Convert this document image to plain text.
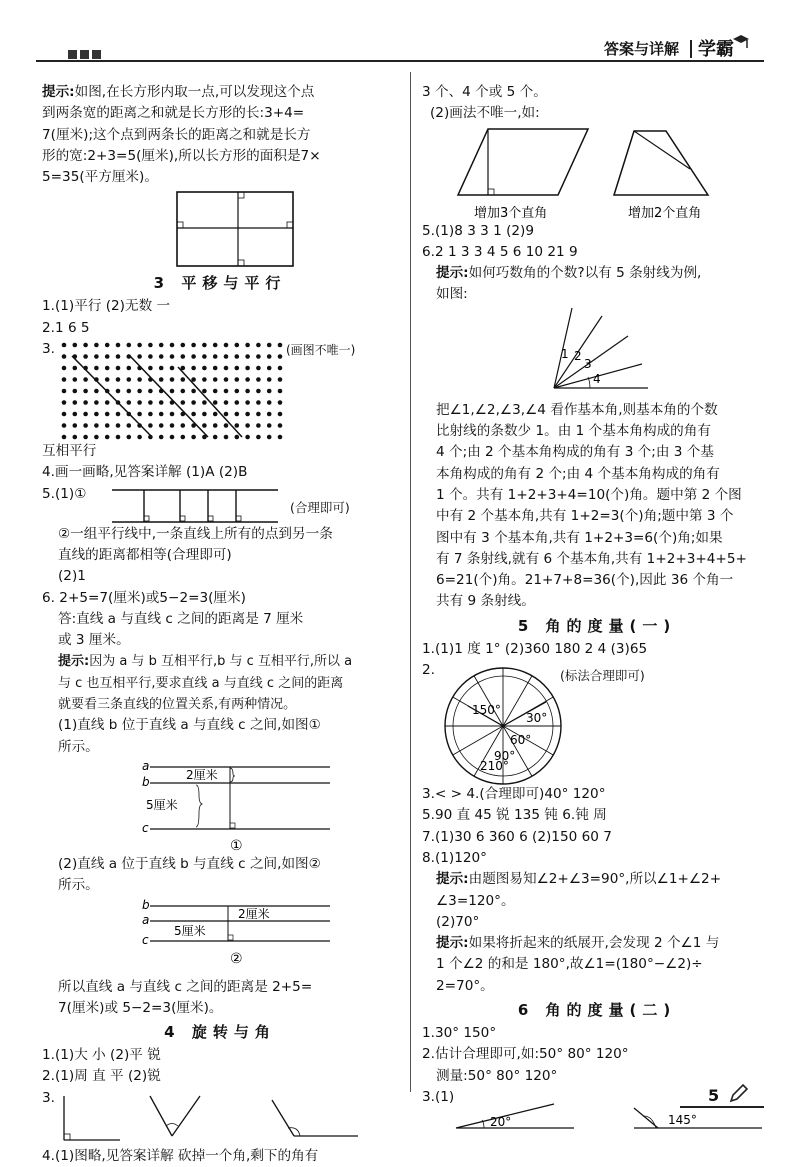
答案与详解 学霸
提示:如图,在长方形内取一点,可以发现这个点
到两条宽的距离之和就是长方形的长:3+4=
7(厘米);这个点到两条长的距离之和就是长方
形的宽:2+3=5(厘米),所以长方形的面积是7×
5=35(平方厘米)。
3 平移与平行
1.(1)平行 (2)无数 一
2.1 6 5
3.	(画图不唯一)
互相平行
4.画一画略,见答案详解 (1)A (2)B
5.(1)①
(合理即可)
②一组平行线中,一条直线上所有的点到另一条
直线的距离都相等(合理即可)
(2)1
6. 2+5=7(厘米)或5−2=3(厘米)
答:直线 a 与直线 c 之间的距离是 7 厘米
或 3 厘米。
提示:因为 a 与 b 互相平行,b 与 c 互相平行,所以 a
与 c 也互相平行,要求直线 a 与直线 c 之间的距离
就要看三条直线的位置关系,有两种情况。
(1)直线 b 位于直线 a 与直线 c 之间,如图①
所示。
a
b
c
2厘米
5厘米
①
(2)直线 a 位于直线 b 与直线 c 之间,如图②
所示。
b
a
c
2厘米
5厘米
②
所以直线 a 与直线 c 之间的距离是 2+5=
7(厘米)或 5−2=3(厘米)。
4 旋转与角
1.(1)大 小 (2)平 锐
2.(1)周 直 平 (2)锐
3.
4.(1)图略,见答案详解 砍掉一个角,剩下的角有
3 个、4 个或 5 个。
(2)画法不唯一,如:
增加3个直角	增加2个直角
5.(1)8 3 3 1 (2)9
6.2 1 3 3 4 5 6 10 21 9
提示:如何巧数角的个数?以有 5 条射线为例,
如图:
4
3
2
1
把∠1,∠2,∠3,∠4 看作基本角,则基本角的个数
比射线的条数少 1。由 1 个基本角构成的角有
4 个;由 2 个基本角构成的角有 3 个;由 3 个基
本角构成的角有 2 个;由 4 个基本角构成的角有
1 个。共有 1+2+3+4=10(个)角。题中第 2 个图
中有 2 个基本角,共有 1+2=3(个)角;题中第 3 个
图中有 3 个基本角,共有 1+2+3=6(个)角;如果
有 7 条射线,就有 6 个基本角,共有 1+2+3+4+5+
6=21(个)角。21+7+8=36(个),因此 36 个角一
共有 9 条射线。
5 角的度量(一)
1.(1)1 度 1° (2)360 180 2 4 (3)65
2.	(标法合理即可)
150°
30°
60°
90°
210°
3.< > 4.(合理即可)40° 120°
5.90 直 45 锐 135 钝 6.钝 周
7.(1)30 6 360 6 (2)150 60 7
8.(1)120°
提示:由题图易知∠2+∠3=90°,所以∠1+∠2+
∠3=120°。
(2)70°
提示:如果将折起来的纸展开,会发现 2 个∠1 与
1 个∠2 的和是 180°,故∠1=(180°−∠2)÷
2=70°。
6 角的度量(二)
1.30° 150°
2.估计合理即可,如:50° 80° 120°
测量:50° 80° 120°
3.(1)
20°	145°
5
